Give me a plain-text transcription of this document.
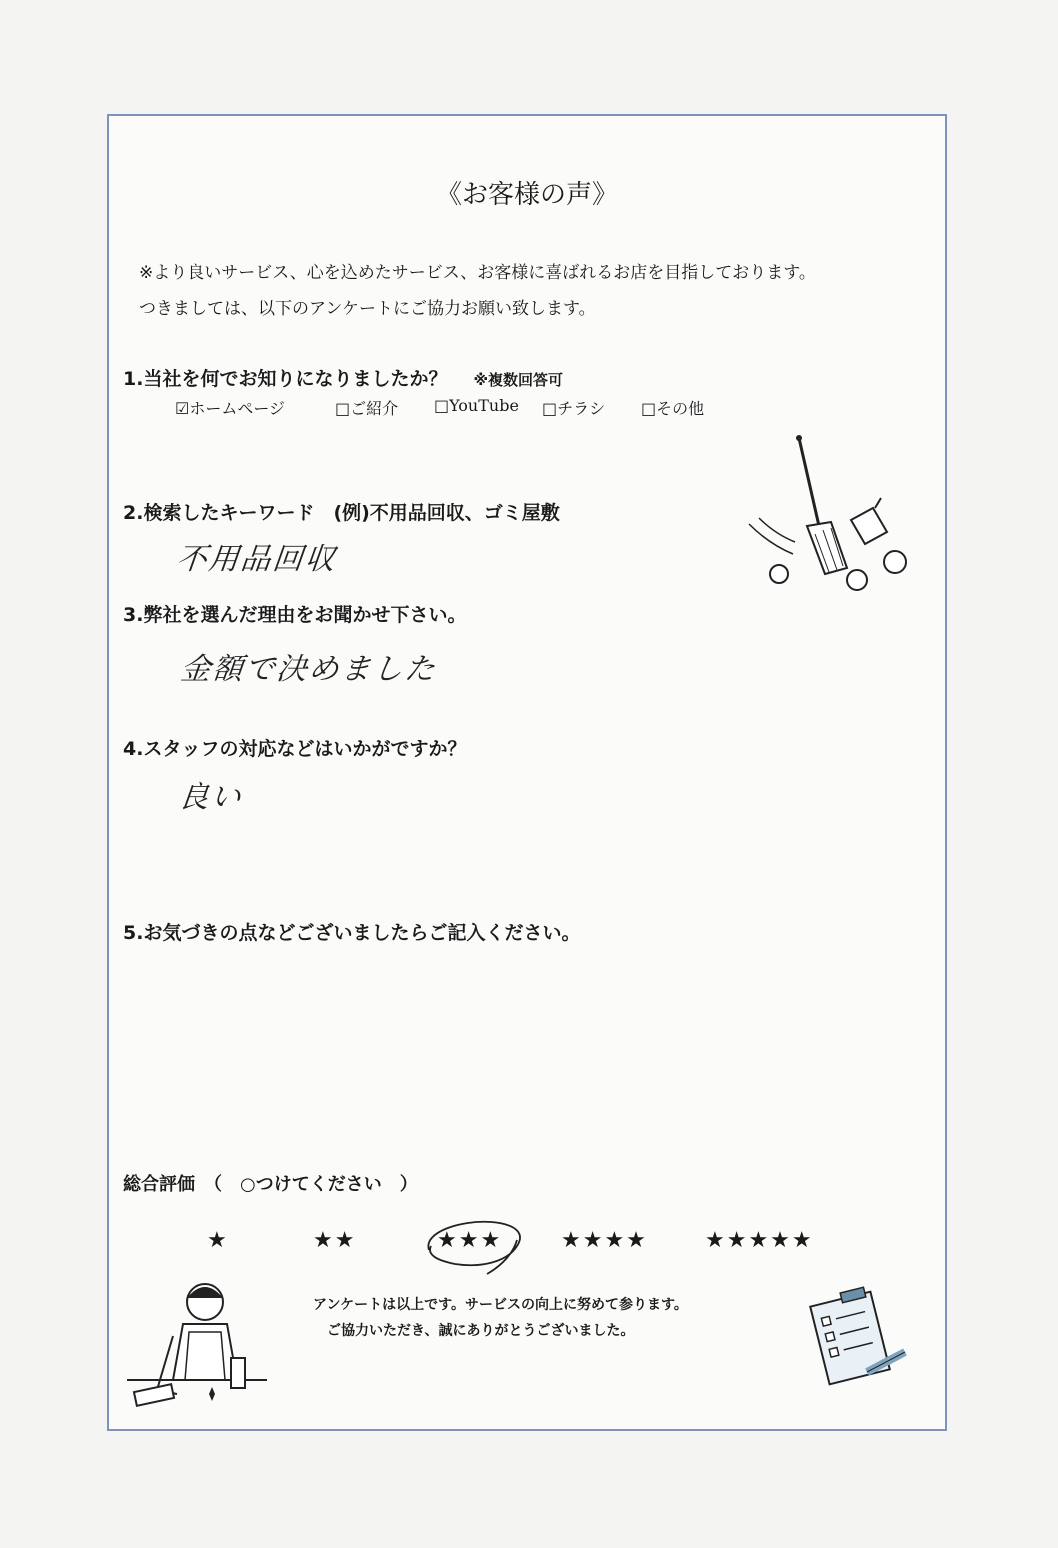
《お客様の声》
※より良いサービス、心を込めたサービス、お客様に喜ばれるお店を目指しております。
つきましては、以下のアンケートにご協力お願い致します。
1.当社を何でお知りになりましたか？ ※複数回答可
☑ホームページ	□ご紹介 □YouTube □チラシ □その他
2.検索したキーワード　(例)不用品回収、ゴミ屋敷
不用品回収
3.弊社を選んだ理由をお聞かせ下さい。
金額で決めました
4.スタッフの対応などはいかがですか？
良い
5.お気づきの点などございましたらご記入ください。
総合評価　（　○つけてください　）
★	★★	★★★	★★★★	★★★★★
アンケートは以上です。サービスの向上に努めて参ります。
ご協力いただき、誠にありがとうございました。
